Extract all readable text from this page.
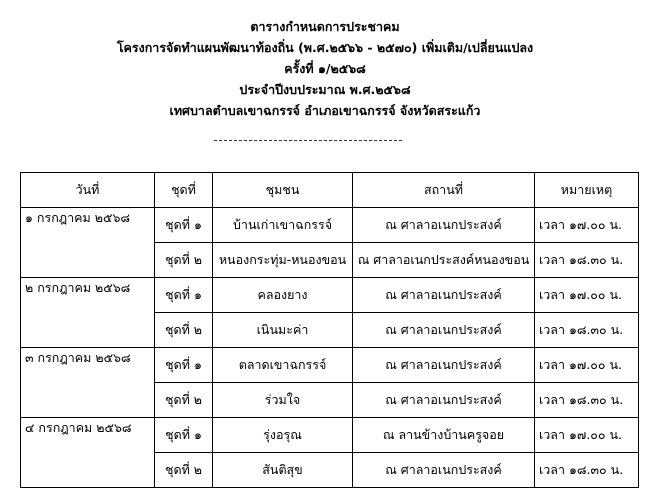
ตารางกำหนดการประชาคม
โครงการจัดทำแผนพัฒนาท้องถิ่น (พ.ศ.๒๕๖๖ - ๒๕๗๐) เพิ่มเติม/เปลี่ยนแปลง
ครั้งที่ ๑/๒๕๖๘
ประจำปีงบประมาณ พ.ศ.๒๕๖๘
เทศบาลตำบลเขาฉกรรจ์ อำเภอเขาฉกรรจ์ จังหวัดสระแก้ว
วันที่	ชุดที่	ชุมชน	สถานที่	หมายเหตุ
๑ กรกฎาคม ๒๕๖๘	ชุดที่ ๑	บ้านเก่าเขาฉกรรจ์	ณ ศาลาอเนกประสงค์	เวลา ๑๗.๐๐ น.
	ชุดที่ ๒	หนองกระทุ่ม-หนองขอน	ณ ศาลาอเนกประสงค์หนองขอน	เวลา ๑๘.๓๐ น.
๒ กรกฎาคม ๒๕๖๘	ชุดที่ ๑	คลองยาง	ณ ศาลาอเนกประสงค์	เวลา ๑๗.๐๐ น.
	ชุดที่ ๒	เนินมะค่า	ณ ศาลาอเนกประสงค์	เวลา ๑๘.๓๐ น.
๓ กรกฎาคม ๒๕๖๘	ชุดที่ ๑	ตลาดเขาฉกรรจ์	ณ ศาลาอเนกประสงค์	เวลา ๑๗.๐๐ น.
	ชุดที่ ๒	ร่วมใจ	ณ ศาลาอเนกประสงค์	เวลา ๑๘.๓๐ น.
๔ กรกฎาคม ๒๕๖๘	ชุดที่ ๑	รุ่งอรุณ	ณ ลานข้างบ้านครูจอย	เวลา ๑๗.๐๐ น.
	ชุดที่ ๒	สันติสุข	ณ ศาลาอเนกประสงค์	เวลา ๑๘.๓๐ น.
